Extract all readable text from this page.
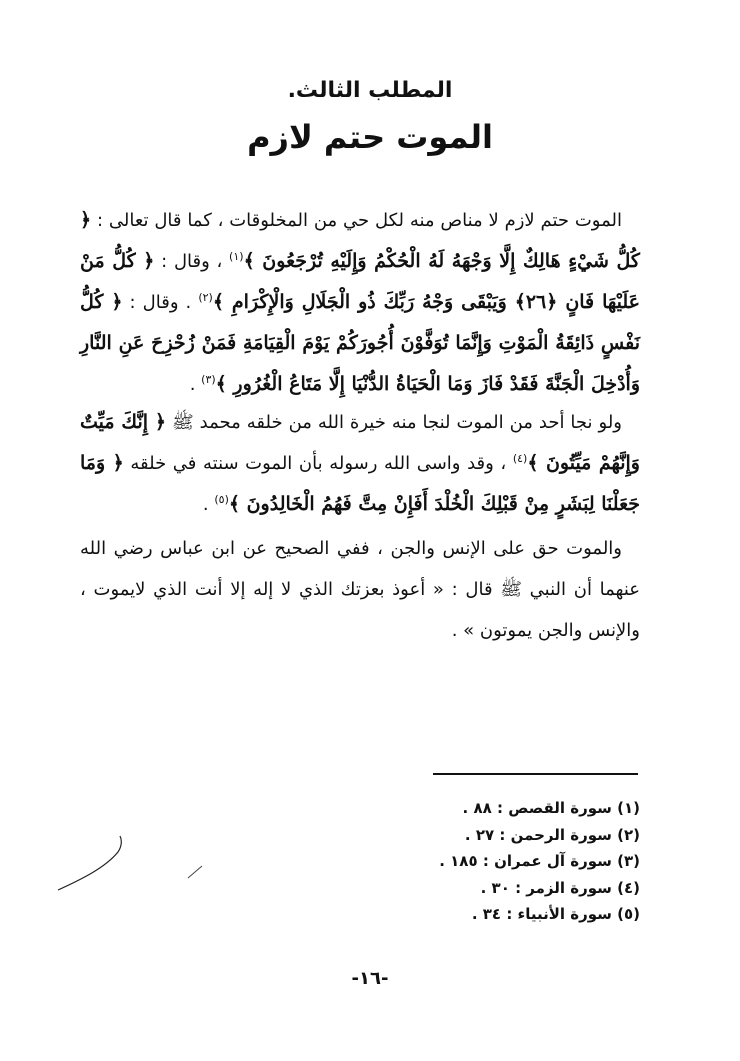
المطلب الثالث.
الموت حتم لازم

الموت حتم لازم لا مناص منه لكل حي من المخلوقات ، كما قال تعالى : ﴿ كُلُّ شَيْءٍ هَالِكٌ إِلَّا وَجْهَهُ لَهُ الْحُكْمُ وَإِلَيْهِ تُرْجَعُونَ ﴾$^{(١)}$ ، وقال : ﴿ كُلُّ مَنْ عَلَيْهَا فَانٍ ﴿٢٦﴾ وَيَبْقَى وَجْهُ رَبِّكَ ذُو الْجَلَالِ وَالْإِكْرَامِ ﴾$^{(٢)}$ . وقال : ﴿ كُلُّ نَفْسٍ ذَائِقَةُ الْمَوْتِ وَإِنَّمَا تُوَفَّوْنَ أُجُورَكُمْ يَوْمَ الْقِيَامَةِ فَمَنْ زُحْزِحَ عَنِ النَّارِ وَأُدْخِلَ الْجَنَّةَ فَقَدْ فَازَ وَمَا الْحَيَاةُ الدُّنْيَا إِلَّا مَتَاعُ الْغُرُورِ ﴾$^{(٣)}$ .

ولو نجا أحد من الموت لنجا منه خيرة الله من خلقه محمد ﷺ ﴿ إِنَّكَ مَيِّتٌ وَإِنَّهُمْ مَيِّتُونَ ﴾$^{(٤)}$ ، وقد واسى الله رسوله بأن الموت سنته في خلقه ﴿ وَمَا جَعَلْنَا لِبَشَرٍ مِنْ قَبْلِكَ الْخُلْدَ أَفَإِنْ مِتَّ فَهُمُ الْخَالِدُونَ ﴾$^{(٥)}$ .

والموت حق على الإنس والجن ، ففي الصحيح عن ابن عباس رضي الله عنهما أن النبي ﷺ قال : « أعوذ بعزتك الذي لا إله إلا أنت الذي لايموت ، والإنس والجن يموتون » .

(١) سورة القصص : ٨٨ .
(٢) سورة الرحمن : ٢٧ .
(٣) سورة آل عمران : ١٨٥ .
(٤) سورة الزمر : ٣٠ .
(٥) سورة الأنبياء : ٣٤ .
-١٦-
